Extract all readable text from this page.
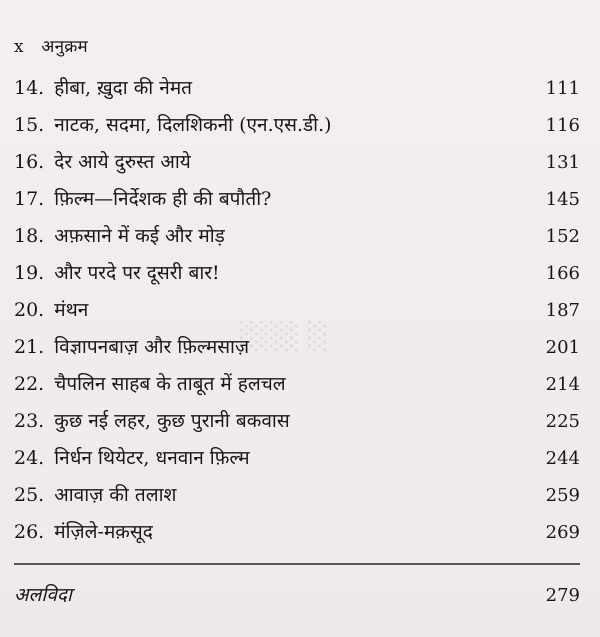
░░░ ░
x अनुक्रम
14. हीबा, ख़ुदा की नेमत	111
15. नाटक, सदमा, दिलशिकनी (एन.एस.डी.)	116
16. देर आये दुरुस्त आये	131
17. फ़िल्म—निर्देशक ही की बपौती?	145
18. अफ़साने में कई और मोड़	152
19. और परदे पर दूसरी बार!	166
20. मंथन	187
21. विज्ञापनबाज़ और फ़िल्मसाज़	201
22. चैपलिन साहब के ताबूत में हलचल	214
23. कुछ नई लहर, कुछ पुरानी बकवास	225
24. निर्धन थियेटर, धनवान फ़िल्म	244
25. आवाज़ की तलाश	259
26. मंज़िले-मक़सूद	269
अलविदा	279
